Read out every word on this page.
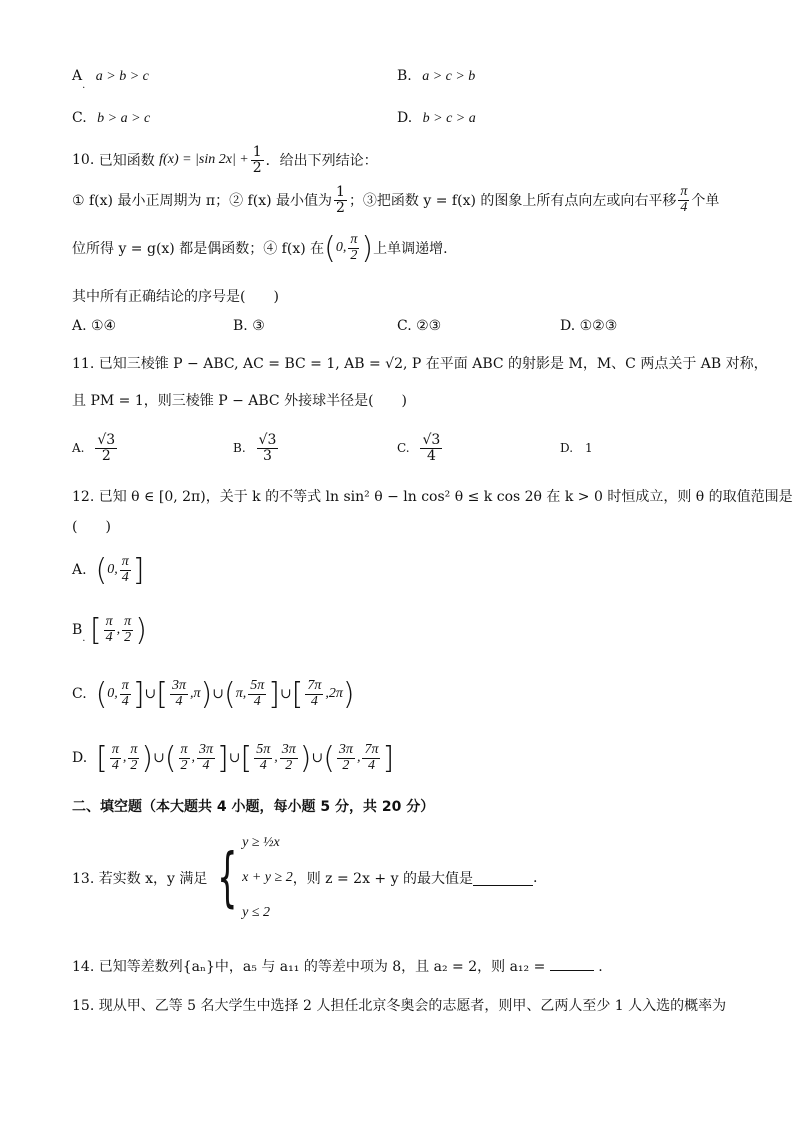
$A_.$ a > b > c	B. a > c > b
C. b > a > c	D. b > c > a
10.
已知函数
f(x) = |sin $2x| + \frac{1}{2}$ ．给出下列结论：
① f(x) 最小正周期为 π；② f(x) 最小值为 $\frac{1}{2}$ ；③把函数 y = f(x) 的图象上所有点向左或向右平移 $\frac{\pi}{4}$ 个单
位所得 y = g(x) 都是偶函数；④ f(x) 在 ( 0, $\frac{\pi}{2}$ ) 上单调递增.
其中所有正确结论的序号是(　　)
A. ①④	B. ③	C. ②③	D. ①②③
11. 已知三棱锥 P − ABC, AC = BC = 1, AB = √2, P 在平面 ABC 的射影是 M，M、C 两点关于 AB 对称，
且 PM = 1，则三棱锥 P − ABC 外接球半径是(　　)
A.
$\frac{√3}{2}$	B.
$\frac{√3}{3}$	C.
$\frac{√3}{4}$	D.　1
12. 已知 θ ∈ [0, 2π)，关于 k 的不等式 ln sin² θ − ln cos² θ ≤ k cos 2θ 在 k > 0 时恒成立，则 θ 的取值范围是
(　　)
A.
( 0, $\frac{\pi}{4}$ ]
B .
[ $\frac{\pi}{4}$ , $\frac{\pi}{2}$ )
C.
( 0, $\frac{\pi}{4}$ ] ∪ [ $\frac{3\pi}{4} ,\pi$ ) ∪ ( π, $\frac{5\pi}{4}$ ] ∪ [ $\frac{7\pi}{4} ,2\pi$ )
D.
[ $\frac{\pi}{4}$ , $\frac{\pi}{2}$ ) ∪ ( $\frac{\pi}{2}$ , $\frac{3\pi}{4}$ ] ∪ [ $\frac{5\pi}{4}$ , $\frac{3\pi}{2}$ ) ∪ ( $\frac{3\pi}{2}$ , $\frac{7\pi}{4}$ ]
二、填空题（本大题共 4 小题，每小题 5 分，共 20 分）
13. 若实数 x，y 满足 { y ≥ ½x
x + y ≥ 2
y ≤ 2
，则 z = 2x + y 的最大值是	.
14. 已知等差数列{aₙ}中，a₅ 与 a₁₁ 的等差中项为 8，且 a₂ = 2，则 a₁₂ =	.
15. 现从甲、乙等 5 名大学生中选择 2 人担任北京冬奥会的志愿者，则甲、乙两人至少 1 人入选的概率为
